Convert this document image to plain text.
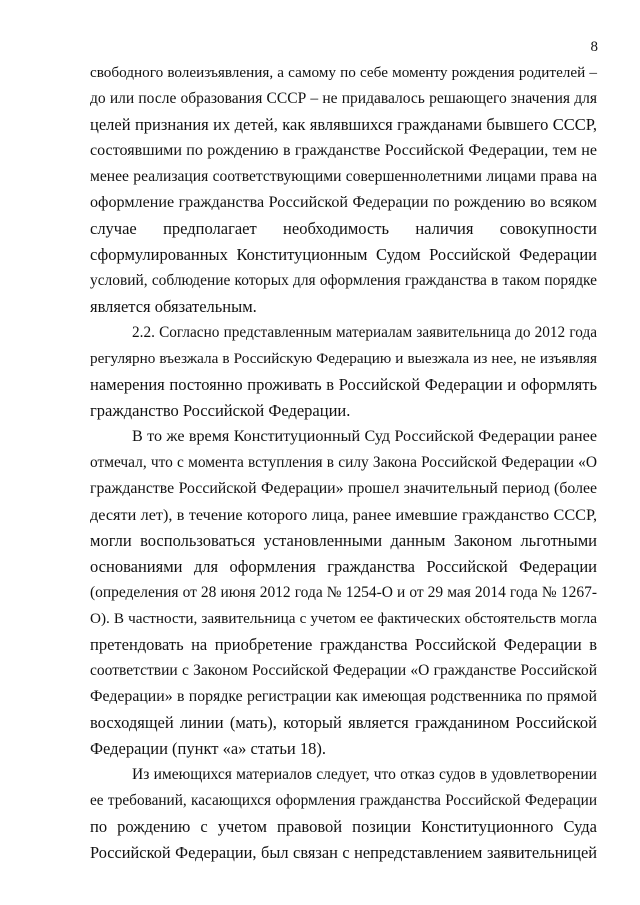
8
свободного волеизъявления, а самому по себе моменту рождения родителей –
до или после образования СССР – не придавалось решающего значения для
целей признания их детей, как являвшихся гражданами бывшего СССР,
состоявшими по рождению в гражданстве Российской Федерации, тем не
менее реализация соответствующими совершеннолетними лицами права на
оформление гражданства Российской Федерации по рождению во всяком
случае предполагает необходимость наличия совокупности
сформулированных Конституционным Судом Российской Федерации
условий, соблюдение которых для оформления гражданства в таком порядке
является обязательным.
2.2. Согласно представленным материалам заявительница до 2012 года
регулярно въезжала в Российскую Федерацию и выезжала из нее, не изъявляя
намерения постоянно проживать в Российской Федерации и оформлять
гражданство Российской Федерации.
В то же время Конституционный Суд Российской Федерации ранее
отмечал, что с момента вступления в силу Закона Российской Федерации «О
гражданстве Российской Федерации» прошел значительный период (более
десяти лет), в течение которого лица, ранее имевшие гражданство СССР,
могли воспользоваться установленными данным Законом льготными
основаниями для оформления гражданства Российской Федерации
(определения от 28 июня 2012 года № 1254-О и от 29 мая 2014 года № 1267-
О). В частности, заявительница с учетом ее фактических обстоятельств могла
претендовать на приобретение гражданства Российской Федерации в
соответствии с Законом Российской Федерации «О гражданстве Российской
Федерации» в порядке регистрации как имеющая родственника по прямой
восходящей линии (мать), который является гражданином Российской
Федерации (пункт «а» статьи 18).
Из имеющихся материалов следует, что отказ судов в удовлетворении
ее требований, касающихся оформления гражданства Российской Федерации
по рождению с учетом правовой позиции Конституционного Суда
Российской Федерации, был связан с непредставлением заявительницей
